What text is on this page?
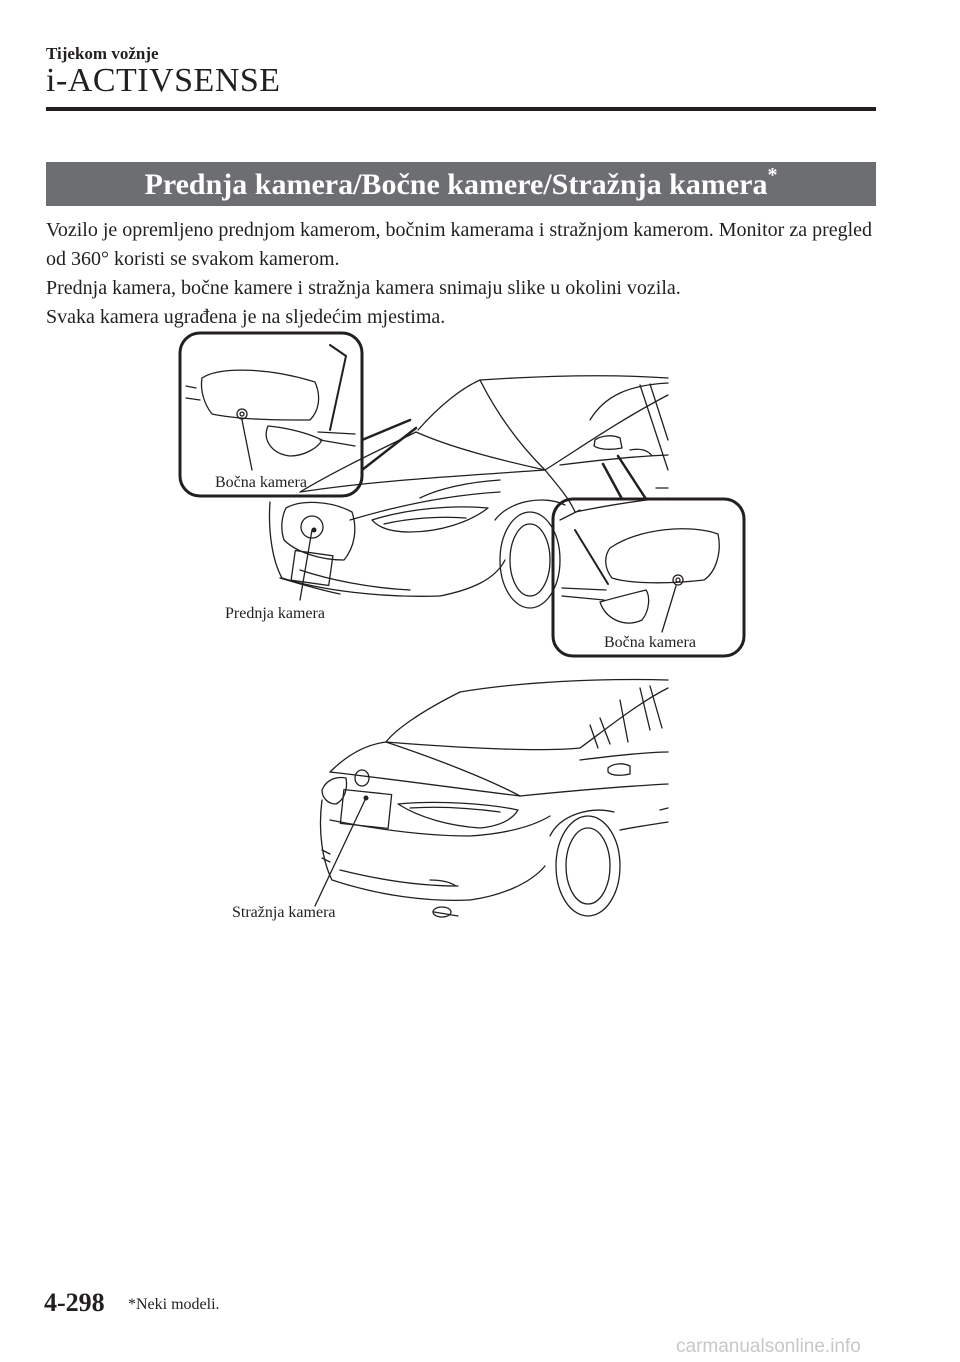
Tijekom vožnje

i-ACTIVSENSE
Prednja kamera/Bočne kamere/Stražnja kamera*

Vozilo je opremljeno prednjom kamerom, bočnim kamerama i stražnjom kamerom. Monitor za pregled od 360° koristi se svakom kamerom.

Prednja kamera, bočne kamere i stražnja kamera snimaju slike u okolini vozila.

Svaka kamera ugrađena je na sljedećim mjestima.

Bočna kamera
Bočna kamera
Prednja kamera
Stražnja kamera

4-298 *Neki modeli.

carmanualsonline.info
